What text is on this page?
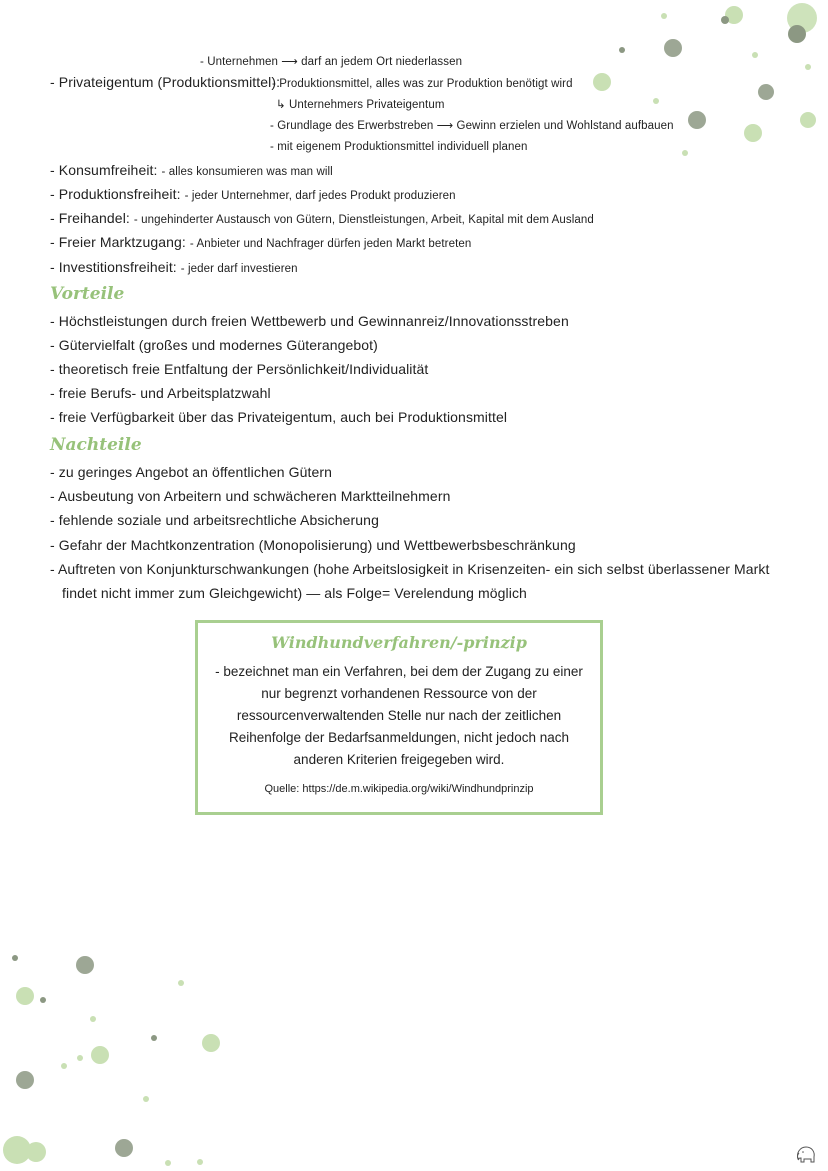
- Unternehmen ⟶ darf an jedem Ort niederlassen
- Privateigentum (Produktionsmittel):
- Produktionsmittel, alles was zur Produktion benötigt wird
↳ Unternehmers Privateigentum
- Grundlage des Erwerbstreben ⟶ Gewinn erzielen und Wohlstand aufbauen
- mit eigenem Produktionsmittel individuell planen
- Konsumfreiheit: - alles konsumieren was man will
- Produktionsfreiheit: - jeder Unternehmer, darf jedes Produkt produzieren
- Freihandel: - ungehinderter Austausch von Gütern, Dienstleistungen, Arbeit, Kapital mit dem Ausland
- Freier Marktzugang: - Anbieter und Nachfrager dürfen jeden Markt betreten
- Investitionsfreiheit: - jeder darf investieren
Vorteile
- Höchstleistungen durch freien Wettbewerb und Gewinnanreiz/Innovationsstreben
- Gütervielfalt (großes und modernes Güterangebot)
- theoretisch freie Entfaltung der Persönlichkeit/Individualität
- freie Berufs- und Arbeitsplatzwahl
- freie Verfügbarkeit über das Privateigentum, auch bei Produktionsmittel
Nachteile
- zu geringes Angebot an öffentlichen Gütern
- Ausbeutung von Arbeitern und schwächeren Marktteilnehmern
- fehlende soziale und arbeitsrechtliche Absicherung
- Gefahr der Machtkonzentration (Monopolisierung) und Wettbewerbsbeschränkung
- Auftreten von Konjunkturschwankungen (hohe Arbeitslosigkeit in Krisenzeiten- ein sich selbst überlassener Markt
findet nicht immer zum Gleichgewicht) — als Folge= Verelendung möglich
Windhundverfahren/-prinzip
- bezeichnet man ein Verfahren, bei dem der Zugang zu einer
nur begrenzt vorhandenen Ressource von der
ressourcenverwaltenden Stelle nur nach der zeitlichen
Reihenfolge der Bedarfsanmeldungen, nicht jedoch nach
anderen Kriterien freigegeben wird.
Quelle: https://de.m.wikipedia.org/wiki/Windhundprinzip
